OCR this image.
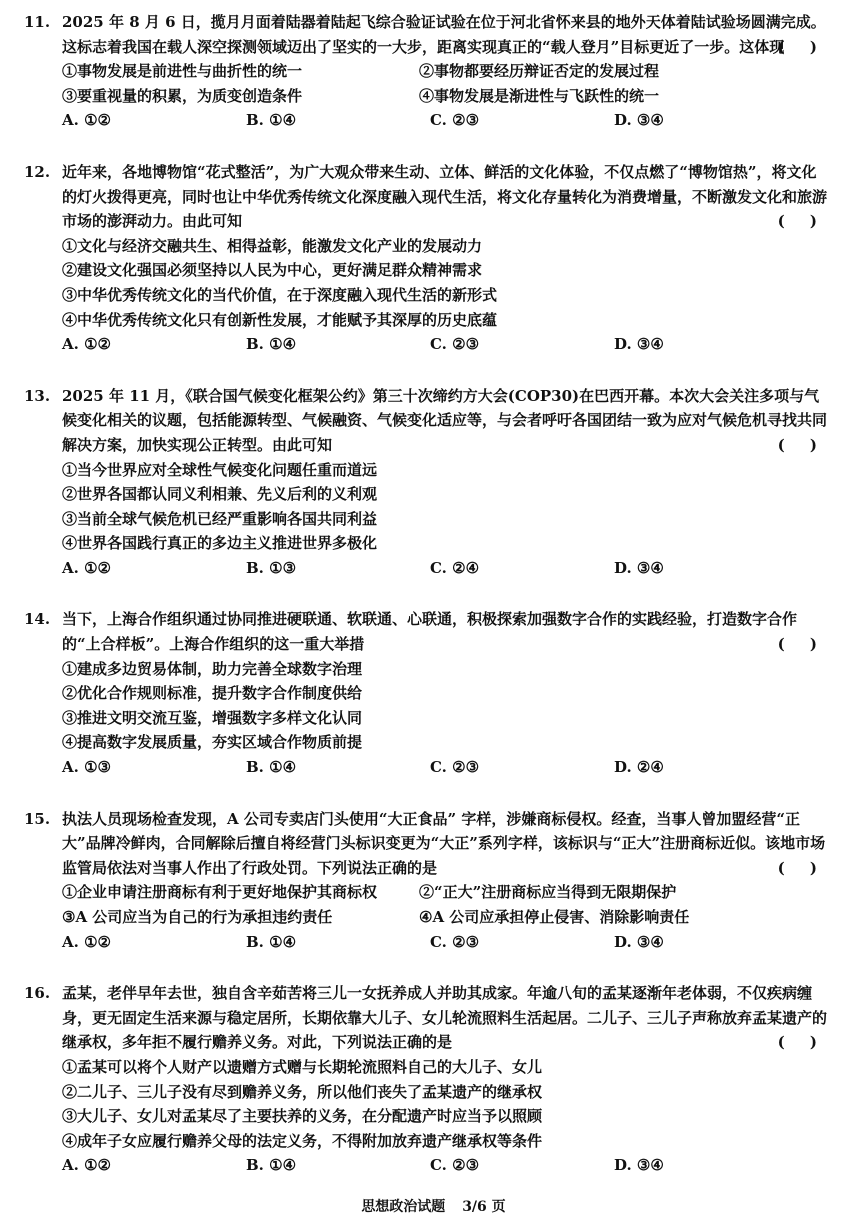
11. 2025 年 8 月 6 日，揽月月面着陆器着陆起飞综合验证试验在位于河北省怀来县的地外天体着陆试验场圆满完成。这标志着我国在载人深空探测领域迈出了坚实的一大步，距离实现真正的“载人登月”目标更近了一步。这体现
( )
①事物发展是前进性与曲折性的统一	②事物都要经历辩证否定的发展过程
③要重视量的积累，为质变创造条件	④事物发展是渐进性与飞跃性的统一
A. ①②	B. ①④	C. ②③	D. ③④
12. 近年来，各地博物馆“花式整活”，为广大观众带来生动、立体、鲜活的文化体验，不仅点燃了“博物馆热”，将文化的灯火拨得更亮，同时也让中华优秀传统文化深度融入现代生活，将文化存量转化为消费增量，不断激发文化和旅游市场的澎湃动力。由此可知	( )
①文化与经济交融共生、相得益彰，能激发文化产业的发展动力
②建设文化强国必须坚持以人民为中心，更好满足群众精神需求
③中华优秀传统文化的当代价值，在于深度融入现代生活的新形式
④中华优秀传统文化只有创新性发展，才能赋予其深厚的历史底蕴
A. ①②	B. ①④	C. ②③	D. ③④
13. 2025 年 11 月，《联合国气候变化框架公约》第三十次缔约方大会(COP30)在巴西开幕。本次大会关注多项与气候变化相关的议题，包括能源转型、气候融资、气候变化适应等，与会者呼吁各国团结一致为应对气候危机寻找共同解决方案，加快实现公正转型。由此可知	( )
①当今世界应对全球性气候变化问题任重而道远
②世界各国都认同义利相兼、先义后利的义利观
③当前全球气候危机已经严重影响各国共同利益
④世界各国践行真正的多边主义推进世界多极化
A. ①②	B. ①③	C. ②④	D. ③④
14. 当下，上海合作组织通过协同推进硬联通、软联通、心联通，积极探索加强数字合作的实践经验，打造数字合作的“上合样板”。上海合作组织的这一重大举措	( )
①建成多边贸易体制，助力完善全球数字治理
②优化合作规则标准，提升数字合作制度供给
③推进文明交流互鉴，增强数字多样文化认同
④提高数字发展质量，夯实区域合作物质前提
A. ①③	B. ①④	C. ②③	D. ②④
15. 执法人员现场检查发现，A 公司专卖店门头使用“大正食品” 字样，涉嫌商标侵权。经查，当事人曾加盟经营“正大”品牌冷鲜肉，合同解除后擅自将经营门头标识变更为“大正”系列字样，该标识与“正大”注册商标近似。该地市场监管局依法对当事人作出了行政处罚。下列说法正确的是	( )
①企业申请注册商标有利于更好地保护其商标权	②“正大”注册商标应当得到无限期保护
③A 公司应当为自己的行为承担违约责任	④A 公司应承担停止侵害、消除影响责任
A. ①②	B. ①④	C. ②③	D. ③④
16. 孟某，老伴早年去世，独自含辛茹苦将三儿一女抚养成人并助其成家。年逾八旬的孟某逐渐年老体弱，不仅疾病缠身，更无固定生活来源与稳定居所，长期依靠大儿子、女儿轮流照料生活起居。二儿子、三儿子声称放弃孟某遗产的继承权，多年拒不履行赡养义务。对此，下列说法正确的是	( )
①孟某可以将个人财产以遗赠方式赠与长期轮流照料自己的大儿子、女儿
②二儿子、三儿子没有尽到赡养义务，所以他们丧失了孟某遗产的继承权
③大儿子、女儿对孟某尽了主要扶养的义务，在分配遗产时应当予以照顾
④成年子女应履行赡养父母的法定义务，不得附加放弃遗产继承权等条件
A. ①②	B. ①④	C. ②③	D. ③④
思想政治试题 3/6 页
